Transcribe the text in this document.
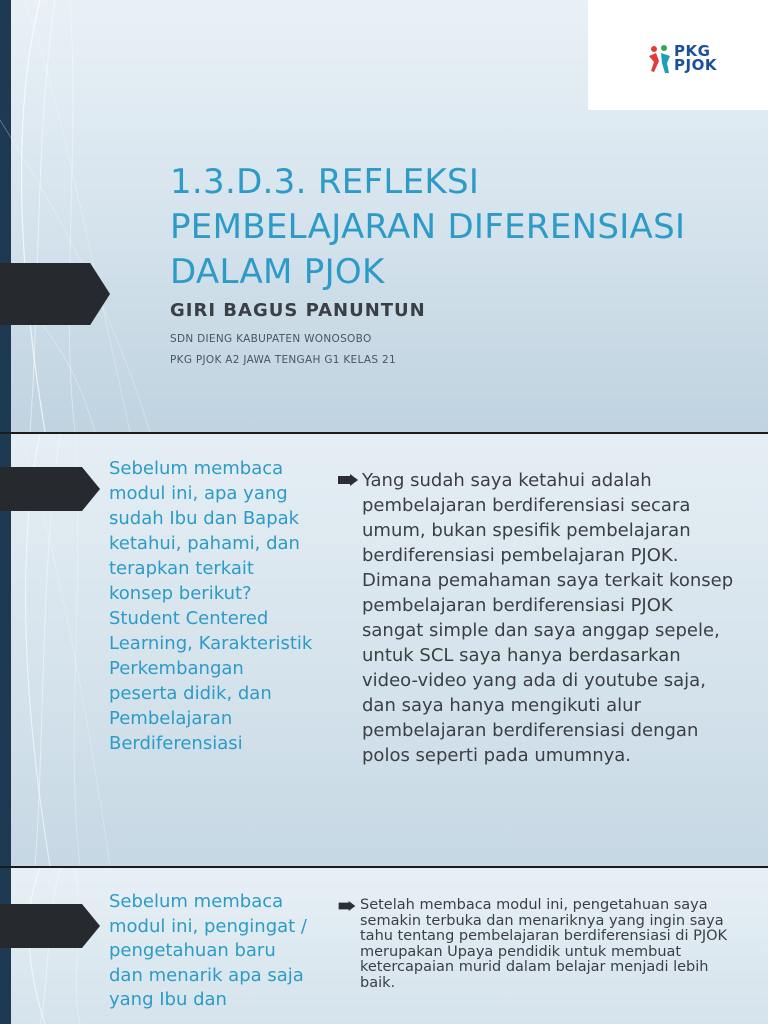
PKG
PJOK
1.3.D.3. REFLEKSI PEMBELAJARAN DIFERENSIASI DALAM PJOK
GIRI BAGUS PANUNTUN
SDN DIENG KABUPATEN WONOSOBO
PKG PJOK A2 JAWA TENGAH G1 KELAS 21
Sebelum membaca modul ini, apa yang sudah Ibu dan Bapak ketahui, pahami, dan terapkan terkait konsep berikut? Student Centered Learning, Karakteristik Perkembangan peserta didik, dan Pembelajaran Berdiferensiasi
Yang sudah saya ketahui adalah pembelajaran berdiferensiasi secara umum, bukan spesifik pembelajaran berdiferensiasi pembelajaran PJOK. Dimana pemahaman saya terkait konsep pembelajaran berdiferensiasi PJOK sangat simple dan saya anggap sepele, untuk SCL saya hanya berdasarkan video-video yang ada di youtube saja, dan saya hanya mengikuti alur pembelajaran berdiferensiasi dengan polos seperti pada umumnya.
Sebelum membaca modul ini, pengingat / pengetahuan baru dan menarik apa saja yang Ibu dan
Setelah membaca modul ini, pengetahuan saya semakin terbuka dan menariknya yang ingin saya tahu tentang pembelajaran berdiferensiasi di PJOK merupakan Upaya pendidik untuk membuat ketercapaian murid dalam belajar menjadi lebih baik.
